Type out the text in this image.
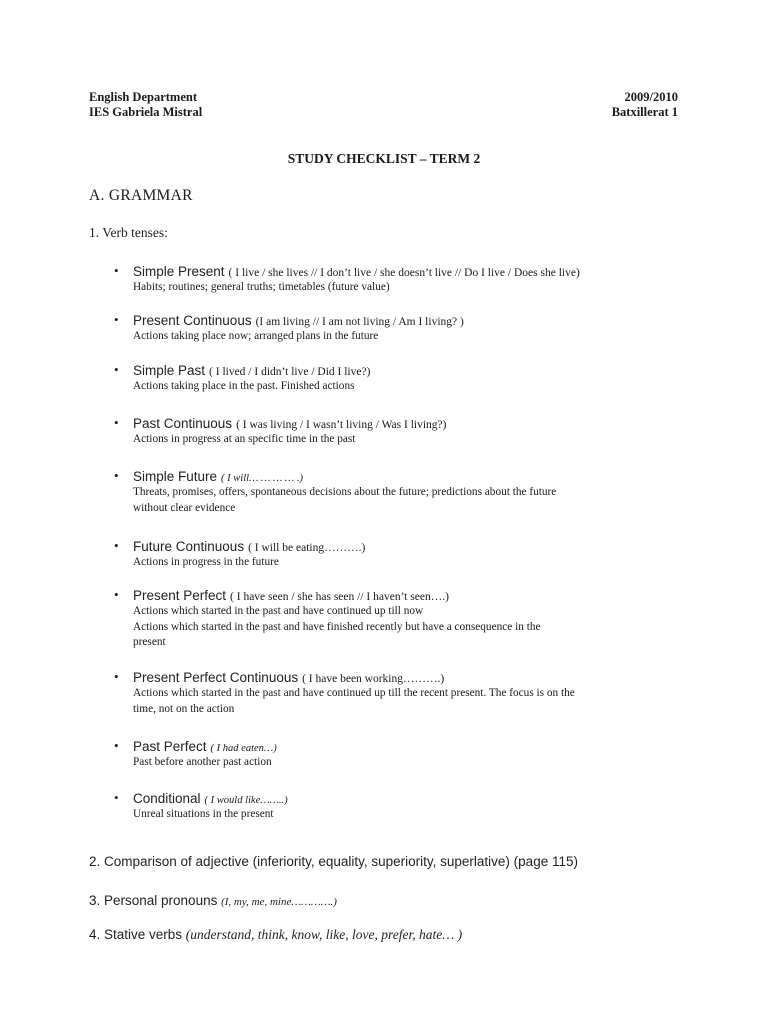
English Department
IES Gabriela Mistral
2009/2010
Batxillerat 1
STUDY CHECKLIST – TERM 2
A. GRAMMAR
1. Verb tenses:
• Simple Present ( I live / she lives // I don’t live / she doesn’t live // Do I live / Does she live)
Habits; routines; general truths; timetables (future value)
• Present Continuous (I am living // I am not living / Am I living? )
Actions taking place now; arranged plans in the future
• Simple Past ( I lived / I didn’t live / Did I live?)
Actions taking place in the past. Finished actions
• Past Continuous ( I was living / I wasn’t living / Was I living?)
Actions in progress at an specific time in the past
• Simple Future ( I will… … … … .)
Threats, promises, offers, spontaneous decisions about the future; predictions about the future
without clear evidence
• Future Continuous ( I will be eating……….)
Actions in progress in the future
• Present Perfect ( I have seen / she has seen // I haven’t seen….)
Actions which started in the past and have continued up till now
Actions which started in the past and have finished recently but have a consequence in the
present
• Present Perfect Continuous ( I have been working……….)
Actions which started in the past and have continued up till the recent present. The focus is on the
time, not on the action
• Past Perfect ( I had eaten…)
Past before another past action
• Conditional ( I would like……..)
Unreal situations in the present
2. Comparison of adjective (inferiority, equality, superiority, superlative) (page 115)
3. Personal pronouns (I, my, me, mine………….)
4. Stative verbs (understand, think, know, like, love, prefer, hate… )
